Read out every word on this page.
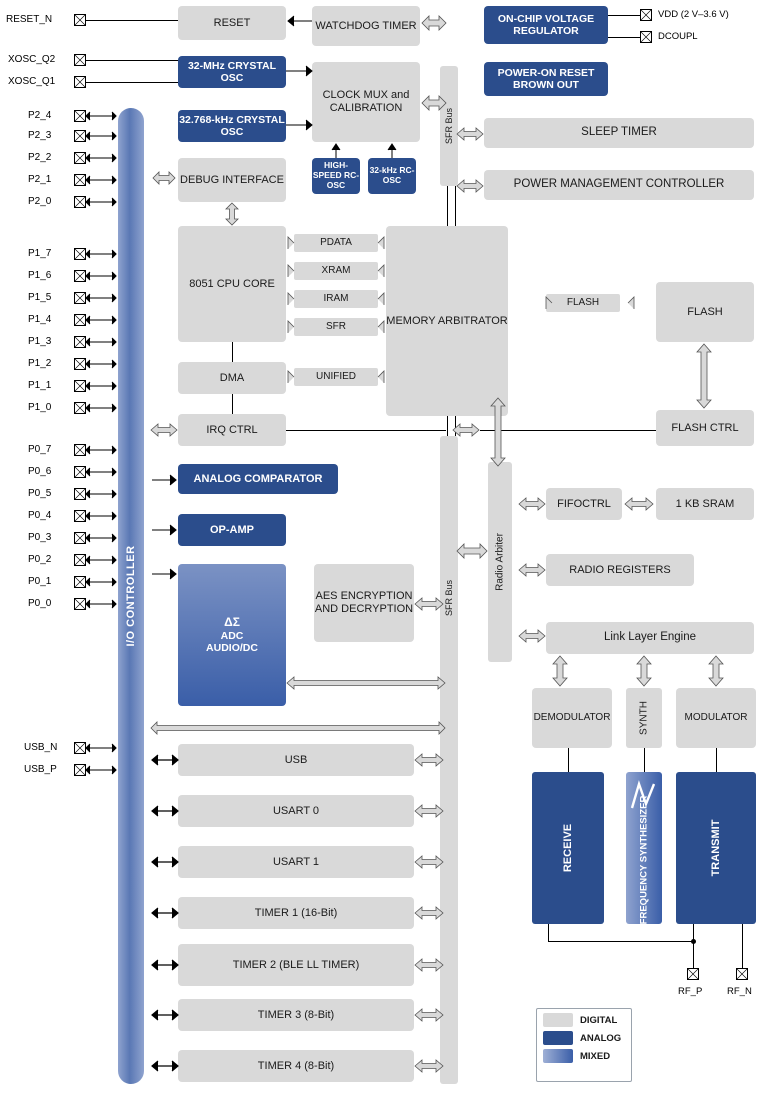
RESET_N
XOSC_Q2
XOSC_Q1
P2_4
P2_3
P2_2
P2_1
P2_0
P1_7
P1_6
P1_5
P1_4
P1_3
P1_2
P1_1
P1_0
P0_7
P0_6
P0_5
P0_4
P0_3
P0_2
P0_1
P0_0
USB_N
USB_P
I/O CONTROLLER
SFR Bus
SFR Bus
Radio Arbiter
RESET	WATCHDOG TIMER
32-MHz CRYSTAL OSC
32.768-kHz CRYSTAL OSC
CLOCK MUX and CALIBRATION
HIGH-SPEED RC-OSC
32-kHz RC-OSC
DEBUG INTERFACE
8051 CPU CORE
MEMORY ARBITRATOR
PDATA
XRAM
IRAM
SFR
DMA	UNIFIED
IRQ CTRL
FLASH
FLASH
FLASH CTRL
FIFOCTRL	1 KB SRAM
RADIO REGISTERS
Link Layer Engine
ANALOG COMPARATOR
OP-AMP
ΔΣ
ADC
AUDIO/DC
AES ENCRYPTION AND DECRYPTION
USB
USART 0
USART 1
TIMER 1 (16-Bit)
TIMER 2 (BLE LL TIMER)
TIMER 3 (8-Bit)
TIMER 4 (8-Bit)
ON-CHIP VOLTAGE REGULATOR
VDD (2 V–3.6 V)
DCOUPL
POWER-ON RESET BROWN OUT
SLEEP TIMER
POWER MANAGEMENT CONTROLLER
DEMODULATOR	SYNTH	MODULATOR
RECEIVE	FREQUENCY SYNTHESIZER	TRANSMIT
RF_P	RF_N
DIGITAL
ANALOG
MIXED
